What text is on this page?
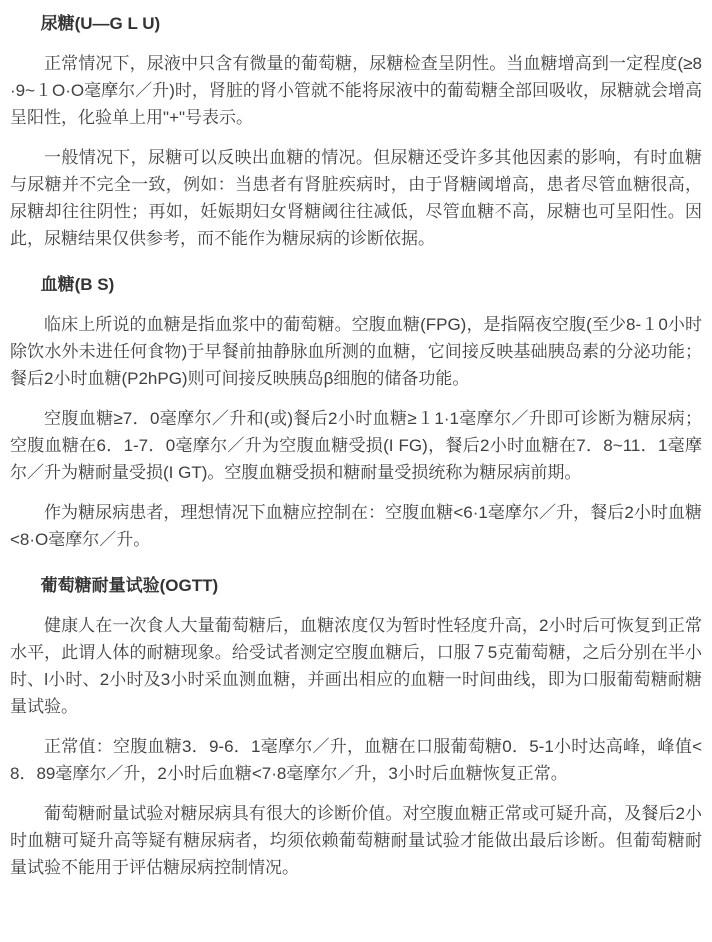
尿糖(U—G L U)

正常情况下，尿液中只含有微量的葡萄糖，尿糖检查呈阴性。当血糖增高到一定程度(≥8·9~１O·O毫摩尔／升)时，肾脏的肾小管就不能将尿液中的葡萄糖全部回吸收，尿糖就会增高呈阳性，化验单上用"+"号表示。

一般情况下，尿糖可以反映出血糖的情况。但尿糖还受许多其他因素的影响，有时血糖与尿糖并不完全一致，例如：当患者有肾脏疾病时，由于肾糖阈增高，患者尽管血糖很高，尿糖却往往阴性；再如，妊娠期妇女肾糖阈往往减低，尽管血糖不高，尿糖也可呈阳性。因此，尿糖结果仅供参考，而不能作为糖尿病的诊断依据。

血糖(B S)

临床上所说的血糖是指血浆中的葡萄糖。空腹血糖(FPG)，是指隔夜空腹(至少8-１0小时除饮水外未进任何食物)于早餐前抽静脉血所测的血糖，它间接反映基础胰岛素的分泌功能；餐后2小时血糖(P2hPG)则可间接反映胰岛β细胞的储备功能。

空腹血糖≥7．0毫摩尔／升和(或)餐后2小时血糖≥１1·1毫摩尔／升即可诊断为糖尿病；空腹血糖在6．1-7．0毫摩尔／升为空腹血糖受损(I FG)，餐后2小时血糖在7．8~11．1毫摩尔／升为糖耐量受损(I GT)。空腹血糖受损和糖耐量受损统称为糖尿病前期。

作为糖尿病患者，理想情况下血糖应控制在：空腹血糖<6·1毫摩尔／升，餐后2小时血糖<8·O毫摩尔／升。

葡萄糖耐量试验(OGTT)

健康人在一次食人大量葡萄糖后，血糖浓度仅为暂时性轻度升高，2小时后可恢复到正常水平，此谓人体的耐糖现象。给受试者测定空腹血糖后，口服７5克葡萄糖，之后分别在半小时、l小时、2小时及3小时采血测血糖，并画出相应的血糖一时间曲线，即为口服葡萄糖耐糖量试验。

正常值：空腹血糖3．9-6．1毫摩尔／升，血糖在口服葡萄糖0．5-1小时达高峰，峰值<8．89毫摩尔／升，2小时后血糖<7·8毫摩尔／升，3小时后血糖恢复正常。

葡萄糖耐量试验对糖尿病具有很大的诊断价值。对空腹血糖正常或可疑升高，及餐后2小时血糖可疑升高等疑有糖尿病者，均须依赖葡萄糖耐量试验才能做出最后诊断。但葡萄糖耐量试验不能用于评估糖尿病控制情况。
